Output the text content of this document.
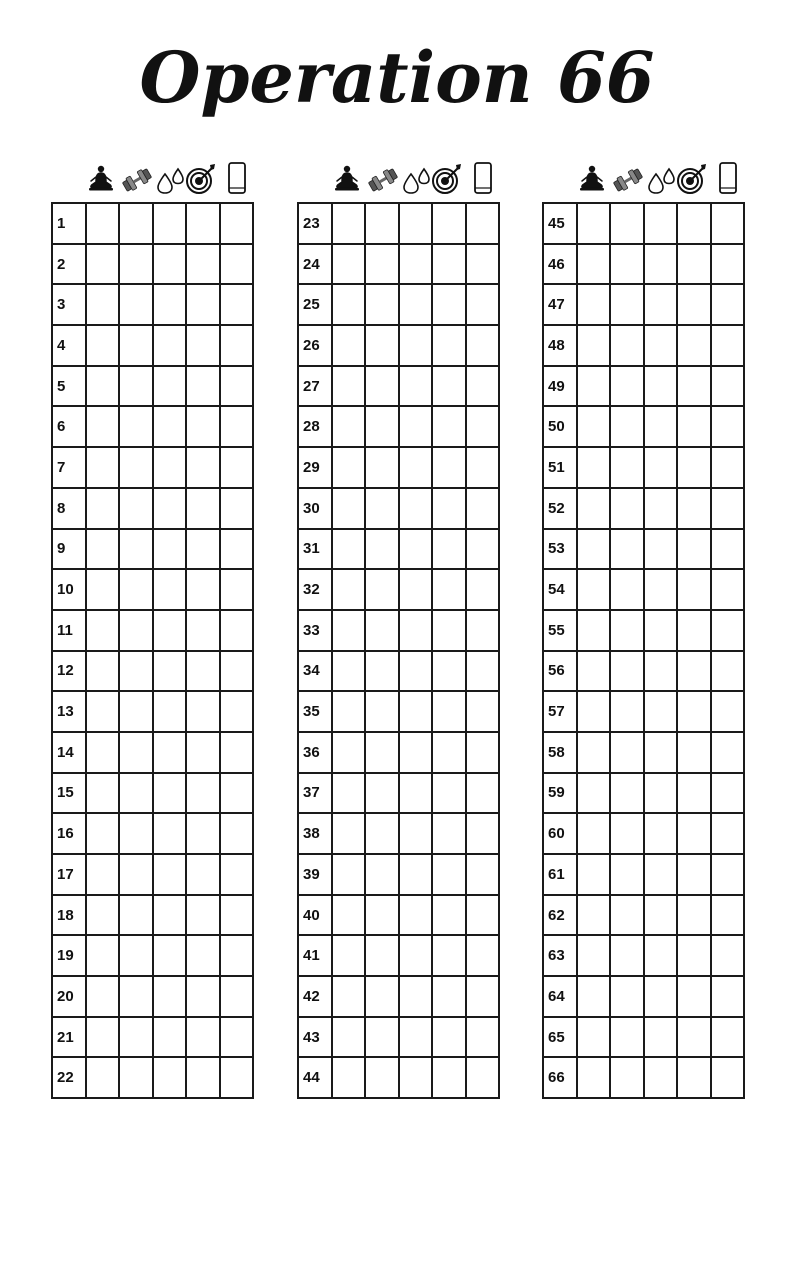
Operation 66
1					
2					
3					
4					
5					
6					
7					
8					
9					
10					
11					
12					
13					
14					
15					
16					
17					
18					
19					
20					
21					
22					
23					
24					
25					
26					
27					
28					
29					
30					
31					
32					
33					
34					
35					
36					
37					
38					
39					
40					
41					
42					
43					
44					
45					
46					
47					
48					
49					
50					
51					
52					
53					
54					
55					
56					
57					
58					
59					
60					
61					
62					
63					
64					
65					
66					
